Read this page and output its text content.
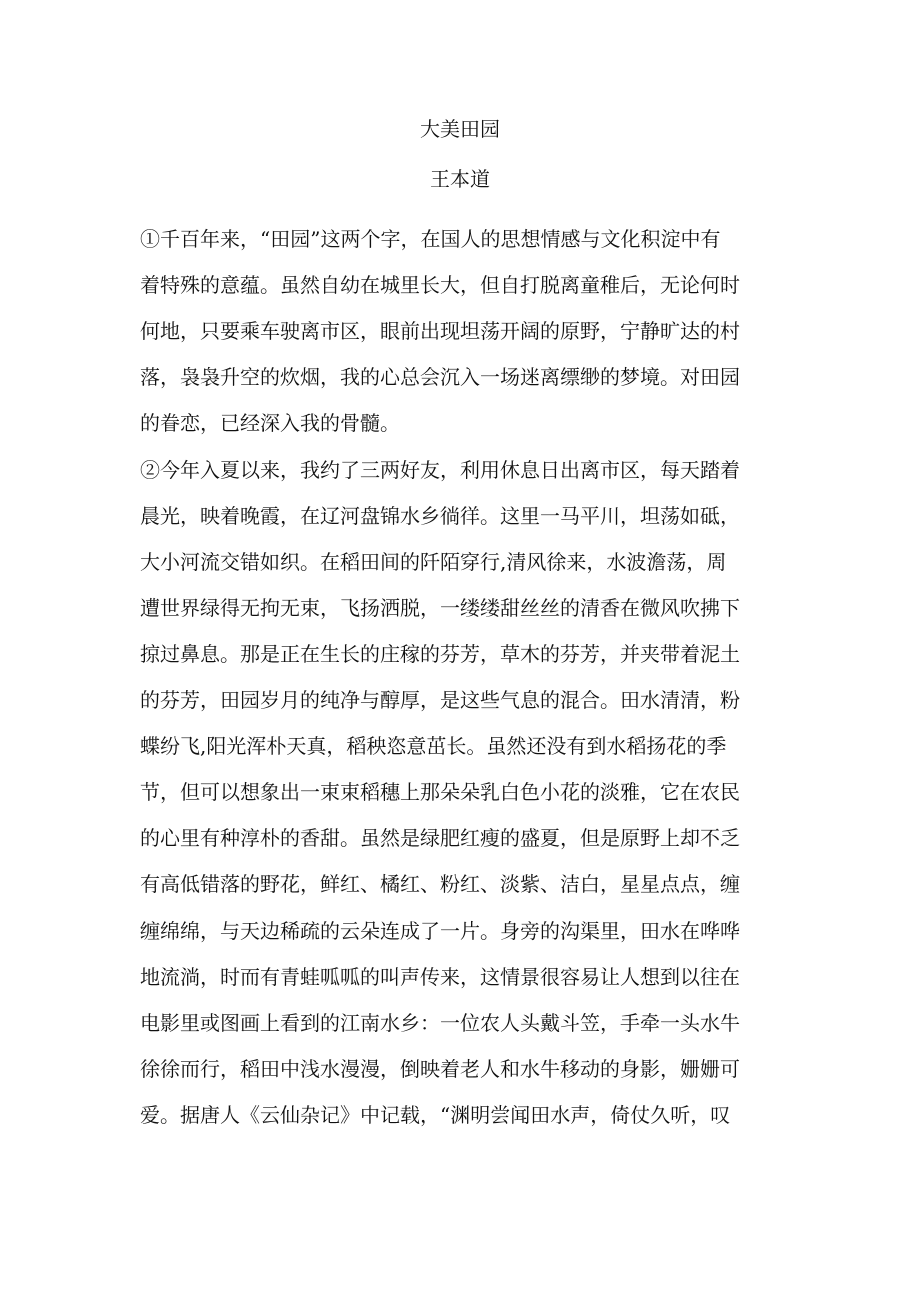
大美田园
王本道

①千百年来，“田园”这两个字，在国人的思想情感与文化积淀中有

着特殊的意蕴。虽然自幼在城里长大，但自打脱离童稚后，无论何时

何地，只要乘车驶离市区，眼前出现坦荡开阔的原野，宁静旷达的村

落，袅袅升空的炊烟，我的心总会沉入一场迷离缥缈的梦境。对田园

的眷恋，已经深入我的骨髓。

②今年入夏以来，我约了三两好友，利用休息日出离市区，每天踏着

晨光，映着晚霞，在辽河盘锦水乡徜徉。这里一马平川，坦荡如砥，

大小河流交错如织。在稻田间的阡陌穿行,清风徐来，水波澹荡，周

遭世界绿得无拘无束，飞扬洒脱，一缕缕甜丝丝的清香在微风吹拂下

掠过鼻息。那是正在生长的庄稼的芬芳，草木的芬芳，并夹带着泥土

的芬芳，田园岁月的纯净与醇厚，是这些气息的混合。田水清清，粉

蝶纷飞,阳光浑朴天真，稻秧恣意茁长。虽然还没有到水稻扬花的季

节，但可以想象出一束束稻穗上那朵朵乳白色小花的淡雅，它在农民

的心里有种淳朴的香甜。虽然是绿肥红瘦的盛夏，但是原野上却不乏

有高低错落的野花，鲜红、橘红、粉红、淡紫、洁白，星星点点，缠

缠绵绵，与天边稀疏的云朵连成了一片。身旁的沟渠里，田水在哗哗

地流淌，时而有青蛙呱呱的叫声传来，这情景很容易让人想到以往在

电影里或图画上看到的江南水乡：一位农人头戴斗笠，手牵一头水牛

徐徐而行，稻田中浅水漫漫，倒映着老人和水牛移动的身影，姗姗可

爱。据唐人《云仙杂记》中记载，“渊明尝闻田水声，倚仗久听，叹
